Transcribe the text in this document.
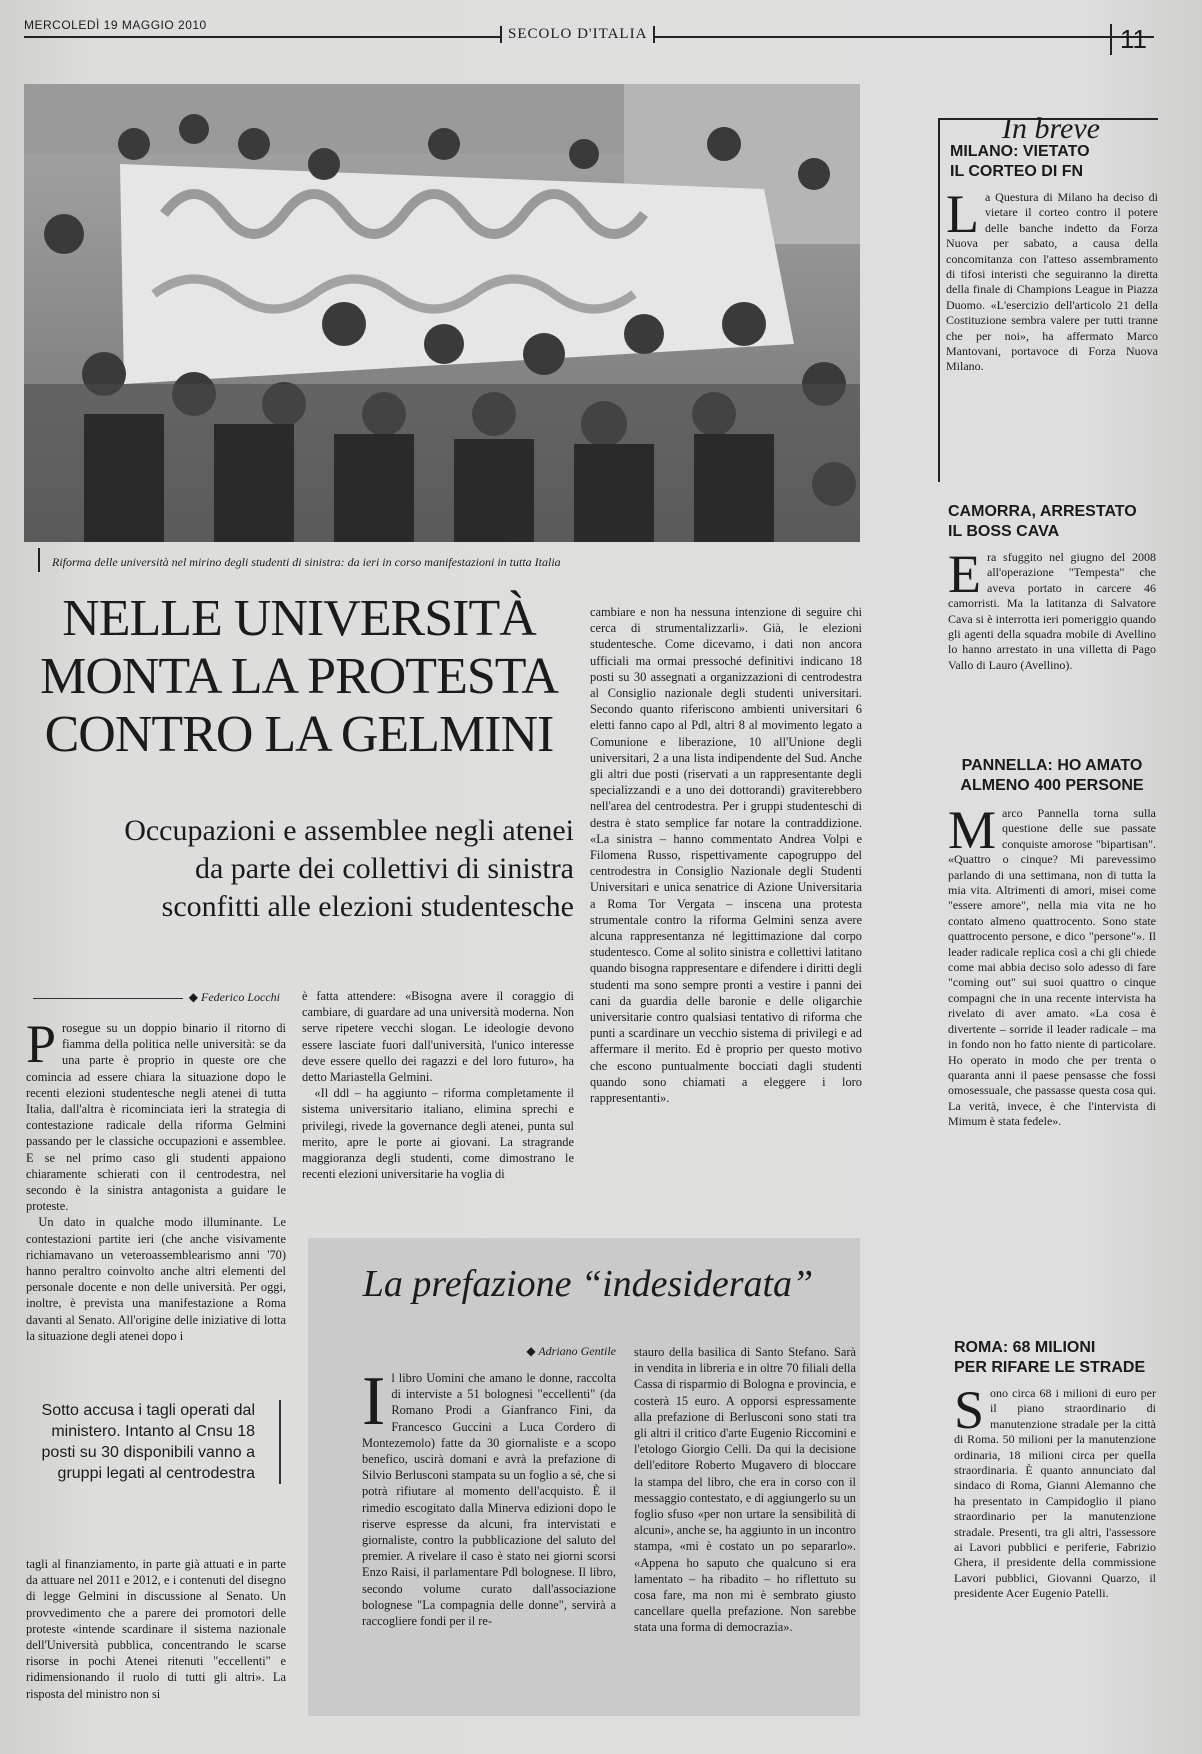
MERCOLEDÌ 19 MAGGIO 2010
SECOLO D'ITALIA	11
Riforma delle università nel mirino degli studenti di sinistra: da ieri in corso manifestazioni in tutta Italia
NELLE UNIVERSITÀ
MONTA LA PROTESTA
CONTRO LA GELMINI
Occupazioni e assemblee negli atenei
da parte dei collettivi di sinistra
sconfitti alle elezioni studentesche
◆ Federico Locchi
Prosegue su un doppio binario il ritorno di fiamma della politica nelle università: se da una parte è proprio in queste ore che comincia ad essere chiara la situazione dopo le recenti elezioni studentesche negli atenei di tutta Italia, dall'altra è ricominciata ieri la strategia di contestazione radicale della riforma Gelmini passando per le classiche occupazioni e assemblee. E se nel primo caso gli studenti appaiono chiaramente schierati con il centrodestra, nel secondo è la sinistra antagonista a guidare le proteste.

Un dato in qualche modo illuminante. Le contestazioni partite ieri (che anche visivamente richiamavano un veteroassemblearismo anni '70) hanno peraltro coinvolto anche altri elementi del personale docente e non delle università. Per oggi, inoltre, è prevista una manifestazione a Roma davanti al Senato. All'origine delle iniziative di lotta la situazione degli atenei dopo i

Sotto accusa i tagli operati dal ministero. Intanto al Cnsu 18 posti su 30 disponibili vanno a gruppi legati al centrodestra
tagli al finanziamento, in parte già attuati e in parte da attuare nel 2011 e 2012, e i contenuti del disegno di legge Gelmini in discussione al Senato. Un provvedimento che a parere dei promotori delle proteste «intende scardinare il sistema nazionale dell'Università pubblica, concentrando le scarse risorse in pochi Atenei ritenuti "eccellenti" e ridimensionando il ruolo di tutti gli altri». La risposta del ministro non si

è fatta attendere: «Bisogna avere il coraggio di cambiare, di guardare ad una università moderna. Non serve ripetere vecchi slogan. Le ideologie devono essere lasciate fuori dall'università, l'unico interesse deve essere quello dei ragazzi e del loro futuro», ha detto Mariastella Gelmini.

«Il ddl – ha aggiunto – riforma completamente il sistema universitario italiano, elimina sprechi e privilegi, rivede la governance degli atenei, punta sul merito, apre le porte ai giovani. La stragrande maggioranza degli studenti, come dimostrano le recenti elezioni universitarie ha voglia di

cambiare e non ha nessuna intenzione di seguire chi cerca di strumentalizzarli». Già, le elezioni studentesche. Come dicevamo, i dati non ancora ufficiali ma ormai pressoché definitivi indicano 18 posti su 30 assegnati a organizzazioni di centrodestra al Consiglio nazionale degli studenti universitari. Secondo quanto riferiscono ambienti universitari 6 eletti fanno capo al Pdl, altri 8 al movimento legato a Comunione e liberazione, 10 all'Unione degli universitari, 2 a una lista indipendente del Sud. Anche gli altri due posti (riservati a un rappresentante degli specializzandi e a uno dei dottorandi) graviterebbero nell'area del centrodestra. Per i gruppi studenteschi di destra è stato semplice far notare la contraddizione. «La sinistra – hanno commentato Andrea Volpi e Filomena Russo, rispettivamente capogruppo del centrodestra in Consiglio Nazionale degli Studenti Universitari e unica senatrice di Azione Universitaria a Roma Tor Vergata – inscena una protesta strumentale contro la riforma Gelmini senza avere alcuna rappresentanza né legittimazione dal corpo studentesco. Come al solito sinistra e collettivi latitano quando bisogna rappresentare e difendere i diritti degli studenti ma sono sempre pronti a vestire i panni dei cani da guardia delle baronie e delle oligarchie universitarie contro qualsiasi tentativo di riforma che punti a scardinare un vecchio sistema di privilegi e ad affermare il merito. Ed è proprio per questo motivo che escono puntualmente bocciati dagli studenti quando sono chiamati a eleggere i loro rappresentanti».
La prefazione “indesiderata”
◆ Adriano Gentile
Il libro Uomini che amano le donne, raccolta di interviste a 51 bolognesi "eccellenti" (da Romano Prodi a Gianfranco Fini, da Francesco Guccini a Luca Cordero di Montezemolo) fatte da 30 giornaliste e a scopo benefico, uscirà domani e avrà la prefazione di Silvio Berlusconi stampata su un foglio a sé, che si potrà rifiutare al momento dell'acquisto. È il rimedio escogitato dalla Minerva edizioni dopo le riserve espresse da alcuni, fra intervistati e giornaliste, contro la pubblicazione del saluto del premier. A rivelare il caso è stato nei giorni scorsi Enzo Raisi, il parlamentare Pdl bolognese. Il libro, secondo volume curato dall'associazione bolognese "La compagnia delle donne", servirà a raccogliere fondi per il re-
stauro della basilica di Santo Stefano. Sarà in vendita in libreria e in oltre 70 filiali della Cassa di risparmio di Bologna e provincia, e costerà 15 euro. A opporsi espressamente alla prefazione di Berlusconi sono stati tra gli altri il critico d'arte Eugenio Riccomini e l'etologo Giorgio Celli. Da qui la decisione dell'editore Roberto Mugavero di bloccare la stampa del libro, che era in corso con il messaggio contestato, e di aggiungerlo su un foglio sfuso «per non urtare la sensibilità di alcuni», anche se, ha aggiunto in un incontro stampa, «mi è costato un po separarlo». «Appena ho saputo che qualcuno si era lamentato – ha ribadito – ho riflettuto su cosa fare, ma non mi è sembrato giusto cancellare quella prefazione. Non sarebbe stata una forma di democrazia».
In breve
MILANO: VIETATO
IL CORTEO DI FN
La Questura di Milano ha deciso di vietare il corteo contro il potere delle banche indetto da Forza Nuova per sabato, a causa della concomitanza con l'atteso assembramento di tifosi interisti che seguiranno la diretta della finale di Champions League in Piazza Duomo. «L'esercizio dell'articolo 21 della Costituzione sembra valere per tutti tranne che per noi», ha affermato Marco Mantovani, portavoce di Forza Nuova Milano.
CAMORRA, ARRESTATO
IL BOSS CAVA
Era sfuggito nel giugno del 2008 all'operazione "Tempesta" che aveva portato in carcere 46 camorristi. Ma la latitanza di Salvatore Cava si è interrotta ieri pomeriggio quando gli agenti della squadra mobile di Avellino lo hanno arrestato in una villetta di Pago Vallo di Lauro (Avellino).
PANNELLA: HO AMATO
ALMENO 400 PERSONE
Marco Pannella torna sulla questione delle sue passate conquiste amorose "bipartisan". «Quattro o cinque? Mi parevessimo parlando di una settimana, non di tutta la mia vita. Altrimenti di amori, misei come "essere amore", nella mia vita ne ho contato almeno quattrocento. Sono state quattrocento persone, e dico "persone"». Il leader radicale replica così a chi gli chiede come mai abbia deciso solo adesso di fare "coming out" sui suoi quattro o cinque compagni che in una recente intervista ha rivelato di aver amato. «La cosa è divertente – sorride il leader radicale – ma in fondo non ho fatto niente di particolare. Ho operato in modo che per trenta o quaranta anni il paese pensasse che fossi omosessuale, che passasse questa cosa qui. La verità, invece, è che l'intervista di Mimum è stata fedele».
ROMA: 68 MILIONI
PER RIFARE LE STRADE
Sono circa 68 i milioni di euro per il piano straordinario di manutenzione stradale per la città di Roma. 50 milioni per la manutenzione ordinaria, 18 milioni circa per quella straordinaria. È quanto annunciato dal sindaco di Roma, Gianni Alemanno che ha presentato in Campidoglio il piano straordinario per la manutenzione stradale. Presenti, tra gli altri, l'assessore ai Lavori pubblici e periferie, Fabrizio Ghera, il presidente della commissione Lavori pubblici, Giovanni Quarzo, il presidente Acer Eugenio Patelli.
